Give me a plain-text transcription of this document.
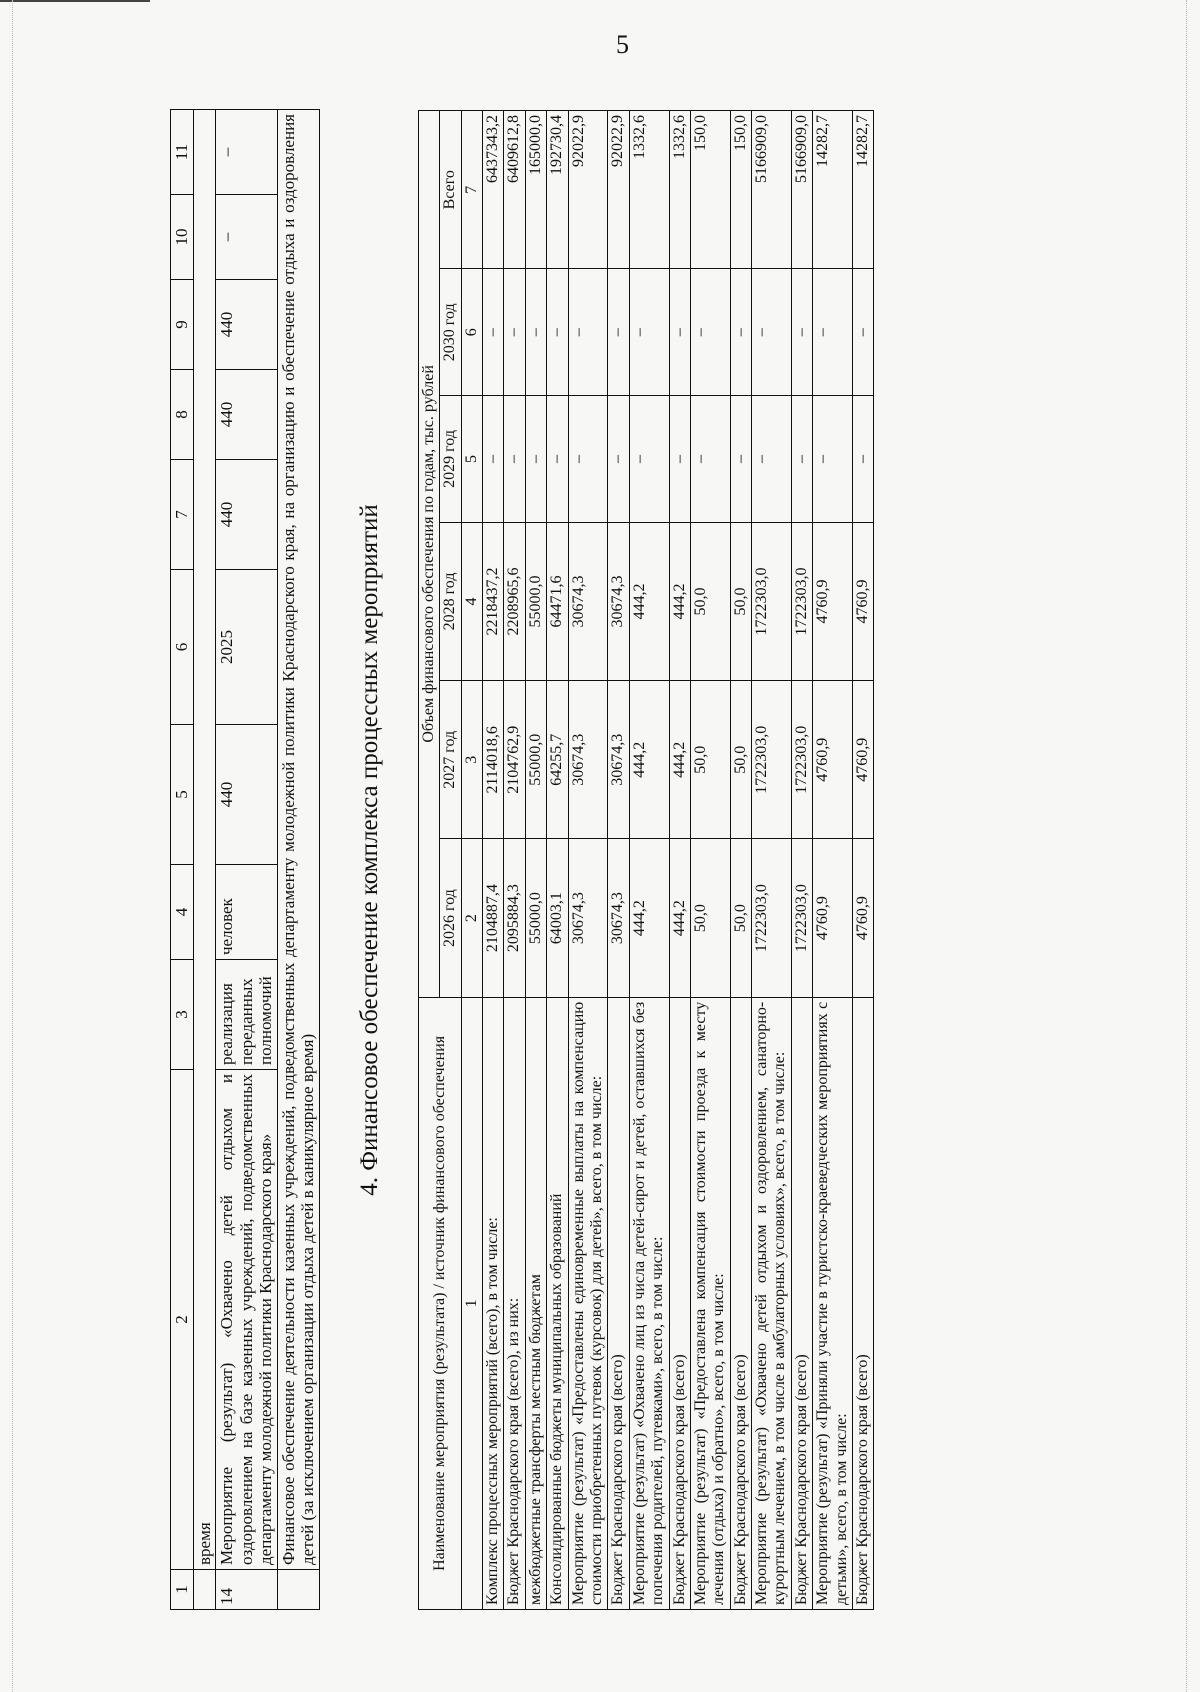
5
1	2	3	4	5	6	7	8	9	10	11
	время									
14	Мероприятие (результат) «Охвачено детей отдыхом и оздоровлением на базе казенных учреждений, подведомственных департаменту молодежной политики Краснодарского края»	реализация переданных полномочий	человек	440	2025	440	440	440	–	–
	Финансовое обеспечение деятельности казенных учреждений, подведомственных департаменту молодежной политики Краснодарского края, на организацию и обеспечение отдыха и оздоровления детей (за исключением организации отдыха детей в каникулярное время)									
4. Финансовое обеспечение комплекса процессных мероприятий
Наименование мероприятия (результата) / источник финансового обеспечения	Объем финансового обеспечения по годам, тыс. рублей					
	2026 год	2027 год	2028 год	2029 год	2030 год	Всего
1	2	3	4	5	6	7
Комплекс процессных мероприятий (всего), в том числе:	2104887,4	2114018,6	2218437,2	–	–	6437343,2
Бюджет Краснодарского края (всего), из них:	2095884,3	2104762,9	2208965,6	–	–	6409612,8
межбюджетные трансферты местным бюджетам	55000,0	55000,0	55000,0	–	–	165000,0
Консолидированные бюджеты муниципальных образований	64003,1	64255,7	64471,6	–	–	192730,4
Мероприятие (результат) «Предоставлены единовременные выплаты на компенсацию стоимости приобретенных путевок (курсовок) для детей», всего, в том числе:	30674,3	30674,3	30674,3	–	–	92022,9
Бюджет Краснодарского края (всего)	30674,3	30674,3	30674,3	–	–	92022,9
Мероприятие (результат) «Охвачено лиц из числа детей-сирот и детей, оставшихся без попечения родителей, путевками», всего, в том числе:	444,2	444,2	444,2	–	–	1332,6
Бюджет Краснодарского края (всего)	444,2	444,2	444,2	–	–	1332,6
Мероприятие (результат) «Предоставлена компенсация стоимости проезда к месту лечения (отдыха) и обратно», всего, в том числе:	50,0	50,0	50,0	–	–	150,0
Бюджет Краснодарского края (всего)	50,0	50,0	50,0	–	–	150,0
Мероприятие (результат) «Охвачено детей отдыхом и оздоровлением, санаторно-курортным лечением, в том числе в амбулаторных условиях», всего, в том числе:	1722303,0	1722303,0	1722303,0	–	–	5166909,0
Бюджет Краснодарского края (всего)	1722303,0	1722303,0	1722303,0	–	–	5166909,0
Мероприятие (результат) «Приняли участие в туристско-краеведческих мероприятиях с детьми», всего, в том числе:	4760,9	4760,9	4760,9	–	–	14282,7
Бюджет Краснодарского края (всего)	4760,9	4760,9	4760,9	–	–	14282,7
